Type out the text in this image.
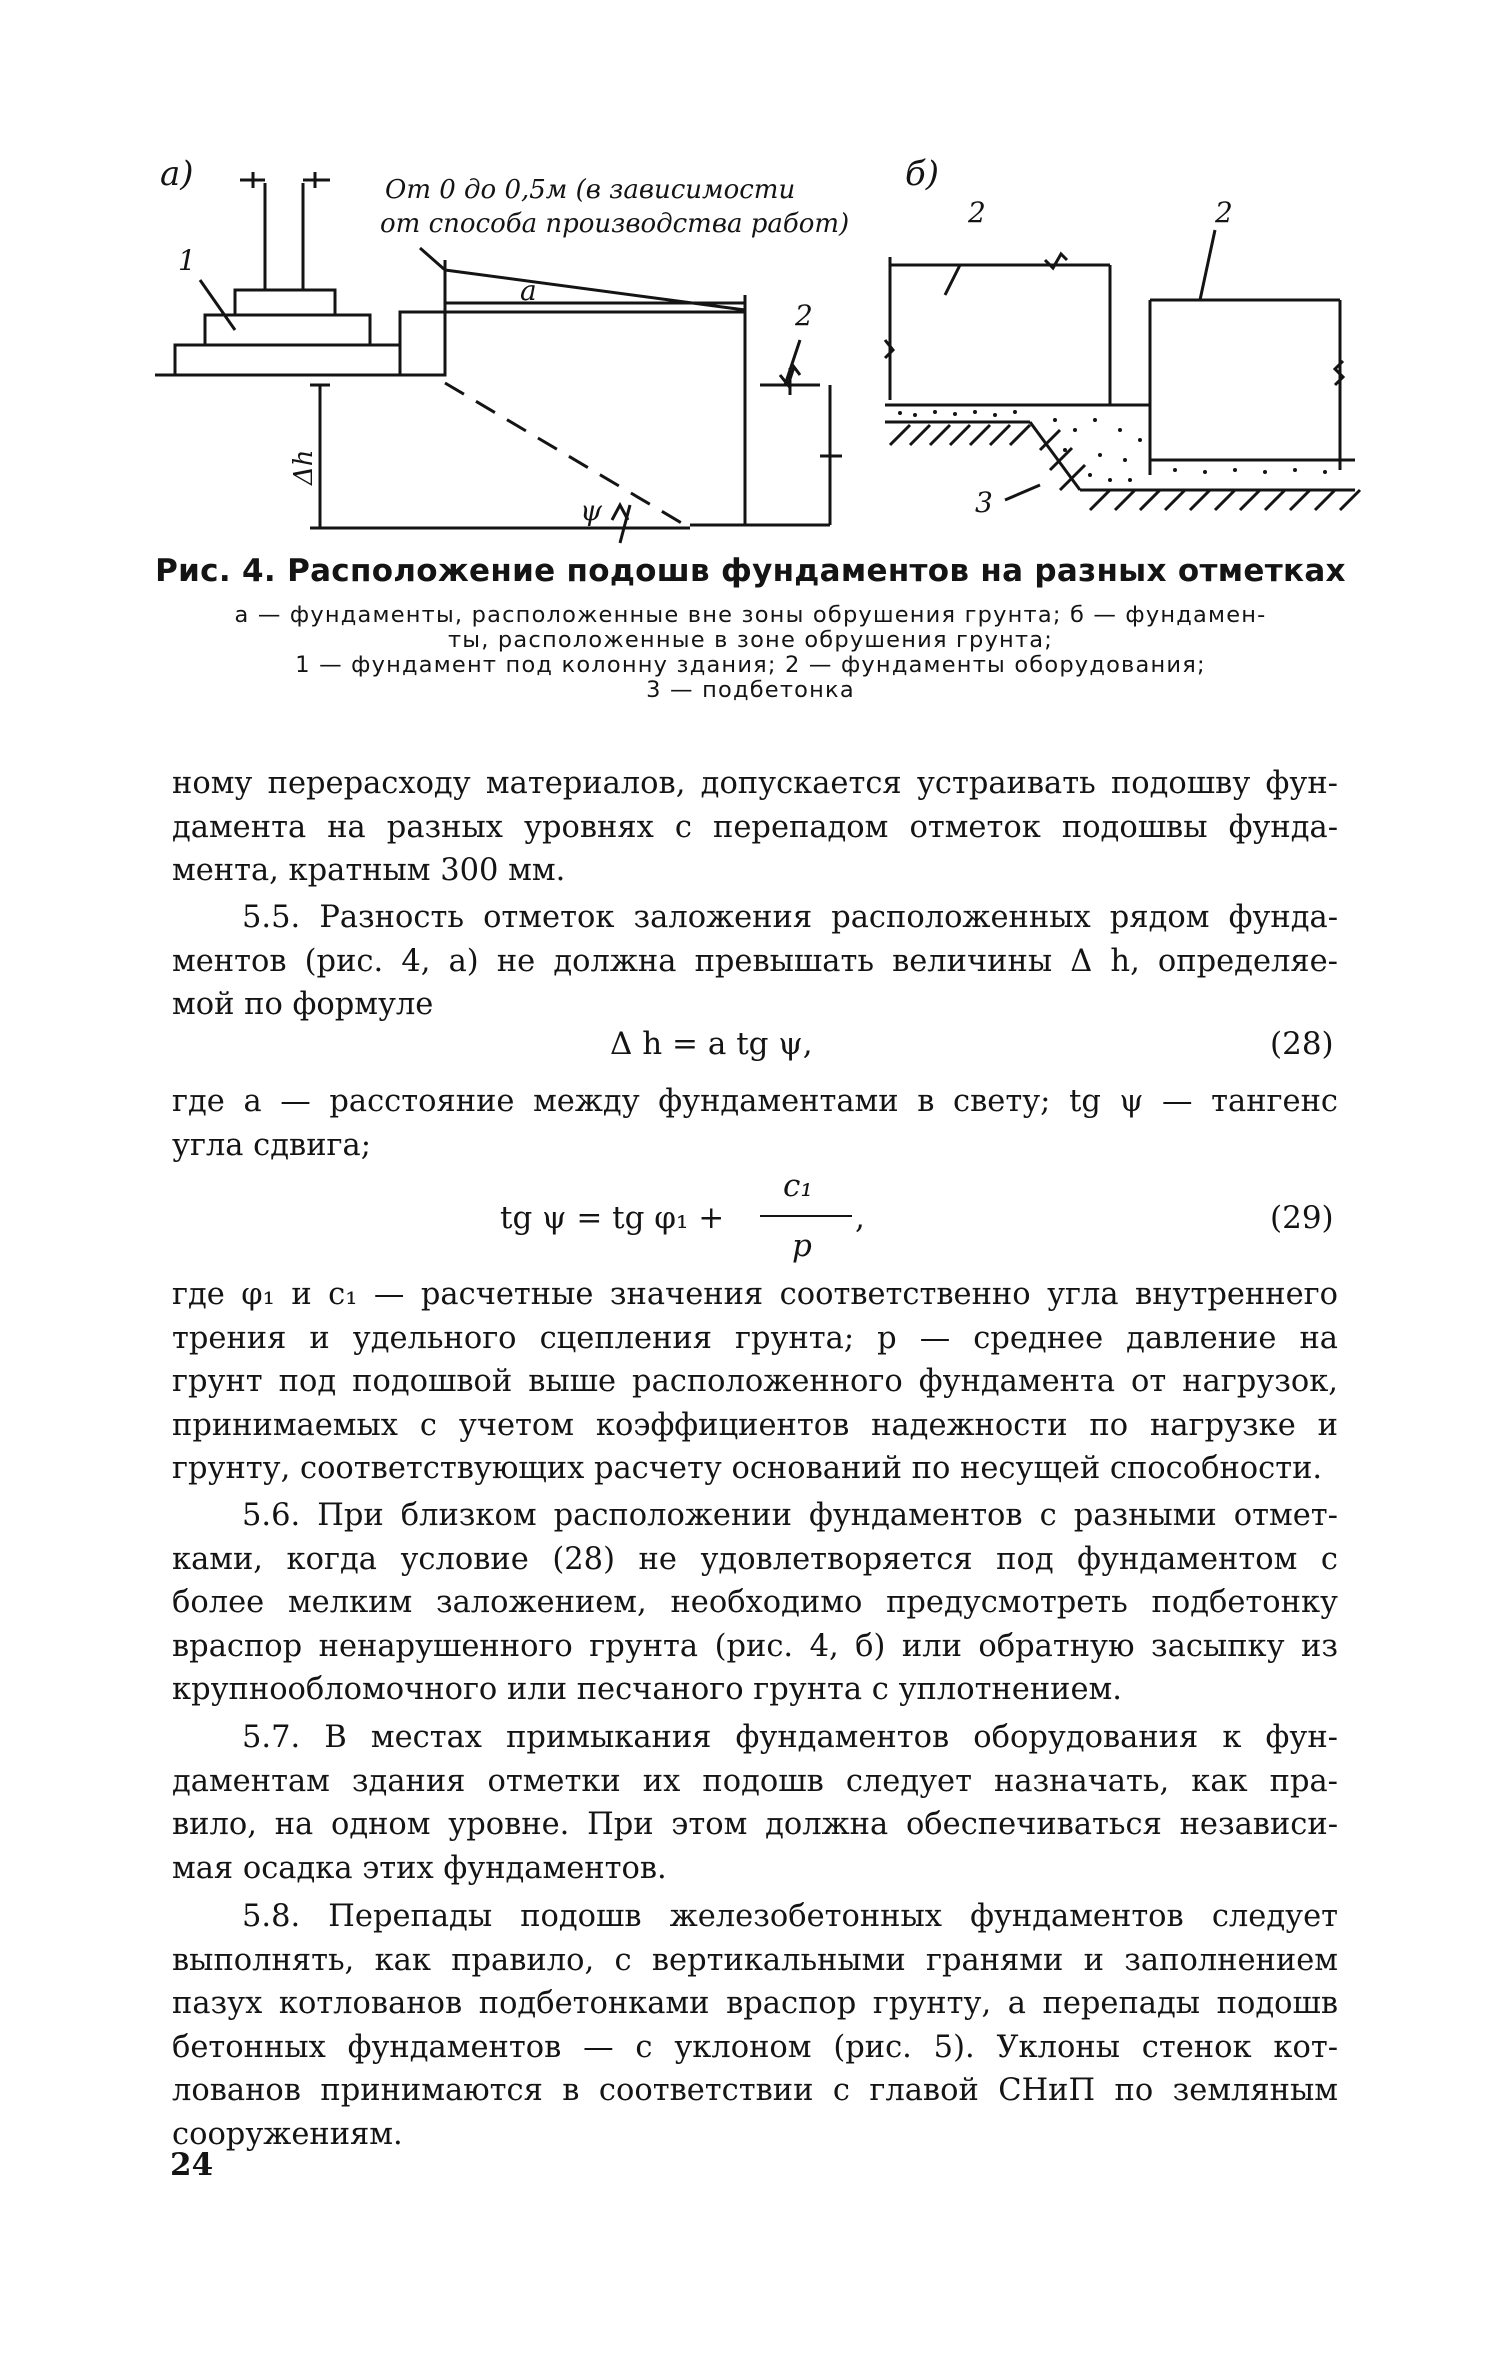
а)	От 0 до 0,5м (в зависимости
от способа производства работ)
a
1
2
Δh
ψ
б)
2	2
3
Рис. 4. Расположение подошв фундаментов на разных отметках
а — фундаменты, расположенные вне зоны обрушения грунта; б — фундамен-
ты, расположенные в зоне обрушения грунта;
1 — фундамент под колонну здания; 2 — фундаменты оборудования;
3 — подбетонка
ному перерасходу материалов, допускается устраивать подошву фун-
дамента на разных уровнях с перепадом отметок подошвы фунда-
мента, кратным 300 мм.
5.5. Разность отметок заложения расположенных рядом фунда-
ментов (рис. 4, а) не должна превышать величины Δ h, определяе-
мой по формуле
Δ h = a tg ψ,	(28)
где a — расстояние между фундаментами в свету; tg ψ — тангенс
угла сдвига;
tg ψ = tg φ₁ +
c₁
p
,	(29)
где φ₁ и c₁ — расчетные значения соответственно угла внутреннего
трения и удельного сцепления грунта; p — среднее давление на
грунт под подошвой выше расположенного фундамента от нагрузок,
принимаемых с учетом коэффициентов надежности по нагрузке и
грунту, соответствующих расчету оснований по несущей способности.
5.6. При близком расположении фундаментов с разными отмет-
ками, когда условие (28) не удовлетворяется под фундаментом с
более мелким заложением, необходимо предусмотреть подбетонку
враспор ненарушенного грунта (рис. 4, б) или обратную засыпку из
крупнообломочного или песчаного грунта с уплотнением.
5.7. В местах примыкания фундаментов оборудования к фун-
даментам здания отметки их подошв следует назначать, как пра-
вило, на одном уровне. При этом должна обеспечиваться независи-
мая осадка этих фундаментов.
5.8. Перепады подошв железобетонных фундаментов следует
выполнять, как правило, с вертикальными гранями и заполнением
пазух котлованов подбетонками враспор грунту, а перепады подошв
бетонных фундаментов — с уклоном (рис. 5). Уклоны стенок кот-
лованов принимаются в соответствии с главой СНиП по земляным
сооружениям.
24
